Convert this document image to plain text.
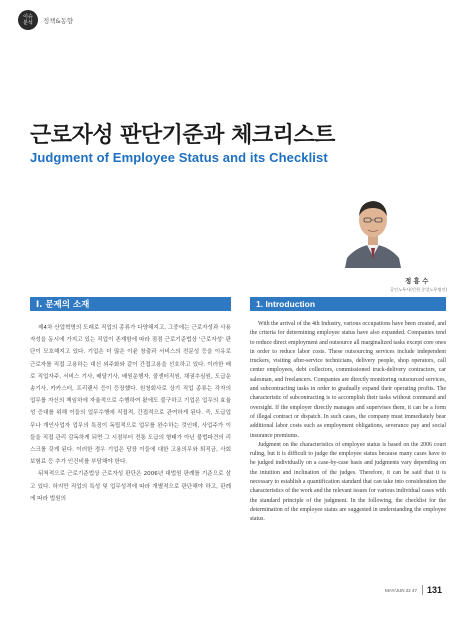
이슈
분석 정책&동향
근로자성 판단기준과 체크리스트
Judgment of Employee Status and its Checklist
정 흥 수
공인노무사(인천 중앙노무법인)
I. 문제의 소재	1. Introduction

제4차 산업혁명의 도래로 직업의 종류가 다양해지고, 그중에는 근로자성과 사용자성을 동시에 가지고 있는 직업이 존재함에 따라 점점 근로기준법상 '근로자성' 판단이 모호해지고 있다. 기업은 더 많은 이윤 창출과 서비스의 전문성 등을 이유로 근로자를 직접 고용하는 대신 외주화와 같이 간접고용을 선호하고 있다. 이러한 배로 직업자주, 서비스 기사, 배달기사, 배원운행자, 콜센터직원, 채권추심원, 도급운송기사, 카카스터, 프리랜서 등이 등장했다. 원청회사로 상기 직업 종류는 각자의 업무를 자신의 책임하에 자율적으로 수행하여 왔에도 불구하고 기업은 업무의 효율성 증대를 위해 이들의 업무수행에 직접적, 간접적으로 관여하게 된다. 즉, 도급업무나 개인사업자 업무의 특징이 독립적으로 업무를 완수하는 것인데, 사업주가 이들을 직접 관리 감독하게 되면 그 시점부터 전통 도급의 형태가 아닌 불법파견의 리스크를 갖게 된다. 이러한 경우 기업은 당장 이들에 대한 고용의무와 퇴직금, 사회보험료 등 추가 인건비를 부담해야 한다.

뒤척적으로 근로기준법상 근로자성 판단은 2006년 대법원 판례를 기준으로 삼고 있다. 하지만 직업의 특성 및 업무성격에 따라 개별적으로 판단해야 하고, 판례에 따라 법원의

With the arrival of the 4th Industry, various occupations have been created, and the criteria for determining employee status have also expanded. Companies tend to reduce direct employment and outsource all marginalized tasks except core ones in order to reduce labor costs. These outsourcing services include independent truckers, visiting after-service technicians, delivery people, shop operators, call center employees, debt collectors, commissioned truck-delivery contractors, car salesman, and freelancers. Companies are directly monitoring outsourced services, and subcontracting tasks in order to gradually expand their operating profits. The characteristic of subcontracting is to accomplish their tasks without command and oversight. If the employer directly manages and supervises them, it can be a form of illegal contract or dispatch. In such cases, the company must immediately bear additional labor costs such as employment obligations, severance pay and social insurance premiums.

Judgment on the characteristics of employee status is based on the 2006 court ruling, but it is difficult to judge the employee status because many cases have to be judged individually on a case-by-case basis and judgments vary depending on the intuition and inclination of the judges. Therefore, it can be said that it is necessary to establish a quantification standard that can take into consideration the characteristics of the work and the relevant issues for various individual cases with the standard principle of the judgment. In the following, the checklist for the determination of the employee status are suggested in understanding the employee status.

MAY/JUN 22 47	131
